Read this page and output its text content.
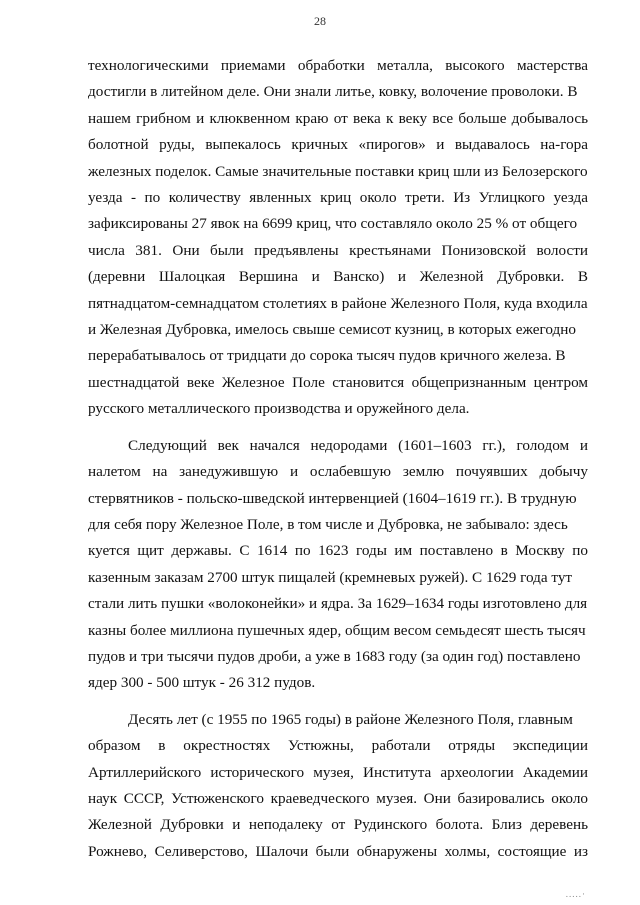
28

технологическими приемами обработки металла, высокого мастерства
достигли в литейном деле. Они знали литье, ковку, волочение проволоки. В
нашем грибном и клюквенном краю от века к веку все больше добывалось
болотной руды, выпекалось кричных «пирогов» и выдавалось на-гора
железных поделок. Самые значительные поставки криц шли из Белозерского
уезда - по количеству явленных криц около трети. Из Углицкого уезда
зафиксированы 27 явок на 6699 криц, что составляло около 25 % от общего
числа 381. Они были предъявлены крестьянами Понизовской волости
(деревни Шалоцкая Вершина и Ванско) и Железной Дубровки. В
пятнадцатом-семнадцатом столетиях в районе Железного Поля, куда входила
и Железная Дубровка, имелось свыше семисот кузниц, в которых ежегодно
перерабатывалось от тридцати до сорока тысяч пудов кричного железа. В
шестнадцатой веке Железное Поле становится общепризнанным центром
русского металлического производства и оружейного дела.

Следующий век начался недородами (1601–1603 гг.), голодом и
налетом на занедужившую и ослабевшую землю почуявших добычу
стервятников - польско-шведской интервенцией (1604–1619 гг.). В трудную
для себя пору Железное Поле, в том числе и Дубровка, не забывало: здесь
куется щит державы. С 1614 по 1623 годы им поставлено в Москву по
казенным заказам 2700 штук пищалей (кремневых ружей). С 1629 года тут
стали лить пушки «волоконейки» и ядра. За 1629–1634 годы изготовлено для
казны более миллиона пушечных ядер, общим весом семьдесят шесть тысяч
пудов и три тысячи пудов дроби, а уже в 1683 году (за один год) поставлено
ядер 300 - 500 штук - 26 312 пудов.

Десять лет (с 1955 по 1965 годы) в районе Железного Поля, главным
образом в окрестностях Устюжны, работали отряды экспедиции
Артиллерийского исторического музея, Института археологии Академии
наук СССР, Устюженского краеведческого музея. Они базировались около
Железной Дубровки и неподалеку от Рудинского болота. Близ деревень
Рожнево, Селиверстово, Шалочи были обнаружены холмы, состоящие из

.....·
